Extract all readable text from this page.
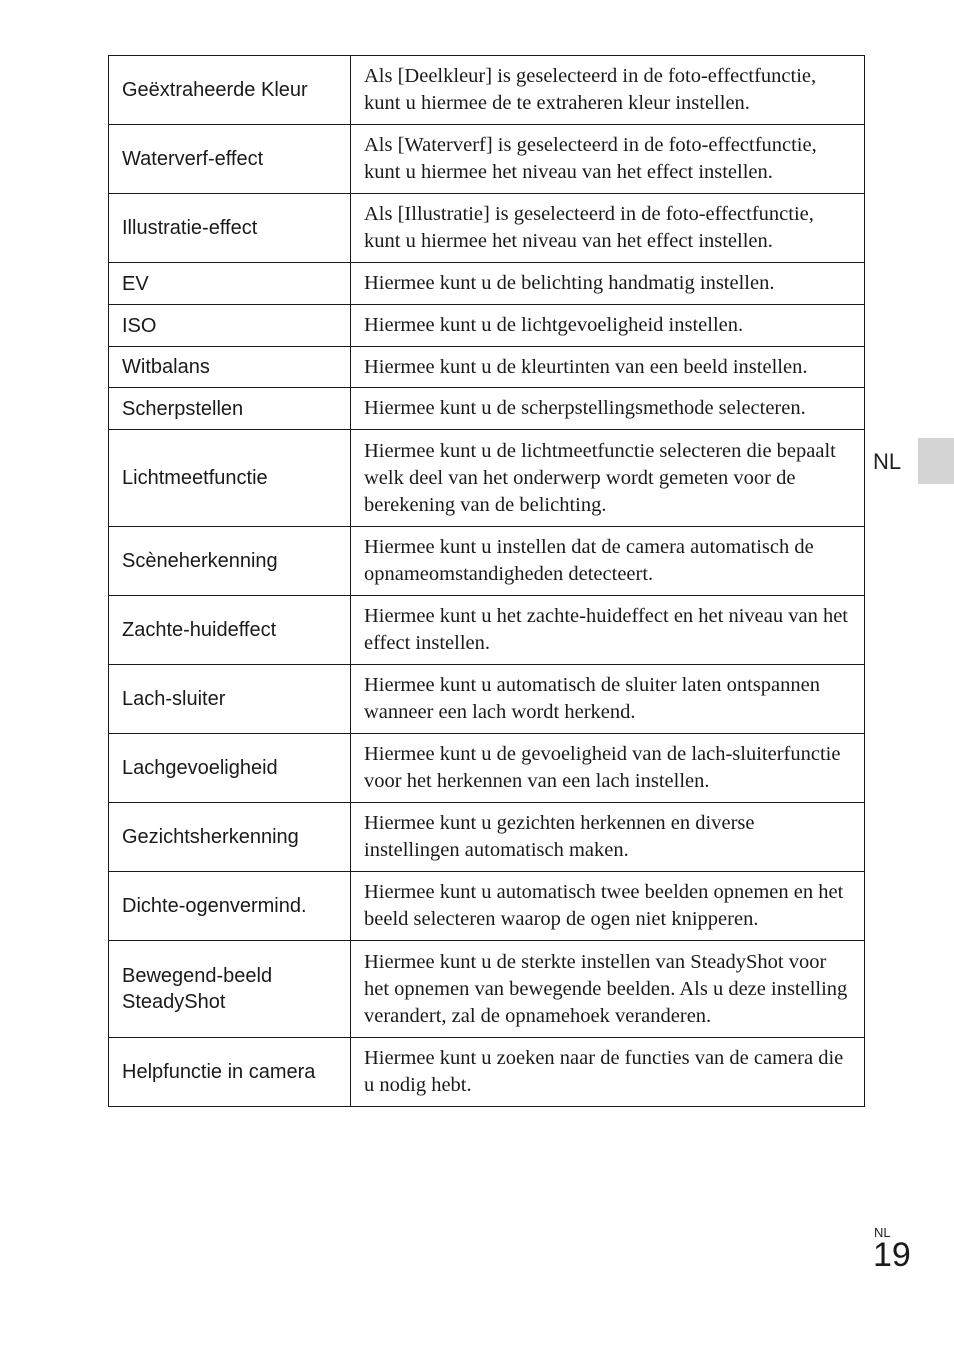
Geëxtraheerde Kleur	Als [Deelkleur] is geselecteerd in de foto-effectfunctie, kunt u hiermee de te extraheren kleur instellen.
Waterverf-effect	Als [Waterverf] is geselecteerd in de foto-effectfunctie, kunt u hiermee het niveau van het effect instellen.
Illustratie-effect	Als [Illustratie] is geselecteerd in de foto-effectfunctie, kunt u hiermee het niveau van het effect instellen.
EV	Hiermee kunt u de belichting handmatig instellen.
ISO	Hiermee kunt u de lichtgevoeligheid instellen.
Witbalans	Hiermee kunt u de kleurtinten van een beeld instellen.
Scherpstellen	Hiermee kunt u de scherpstellingsmethode selecteren.
Lichtmeetfunctie	Hiermee kunt u de lichtmeetfunctie selecteren die bepaalt welk deel van het onderwerp wordt gemeten voor de berekening van de belichting.
Scèneherkenning	Hiermee kunt u instellen dat de camera automatisch de opnameomstandigheden detecteert.
Zachte-huideffect	Hiermee kunt u het zachte-huideffect en het niveau van het effect instellen.
Lach-sluiter	Hiermee kunt u automatisch de sluiter laten ontspannen wanneer een lach wordt herkend.
Lachgevoeligheid	Hiermee kunt u de gevoeligheid van de lach-sluiterfunctie voor het herkennen van een lach instellen.
Gezichtsherkenning	Hiermee kunt u gezichten herkennen en diverse instellingen automatisch maken.
Dichte-ogenvermind.	Hiermee kunt u automatisch twee beelden opnemen en het beeld selecteren waarop de ogen niet knipperen.
Bewegend-beeld SteadyShot	Hiermee kunt u de sterkte instellen van SteadyShot voor het opnemen van bewegende beelden. Als u deze instelling verandert, zal de opnamehoek veranderen.
Helpfunctie in camera	Hiermee kunt u zoeken naar de functies van de camera die u nodig hebt.
NL
NL
19
